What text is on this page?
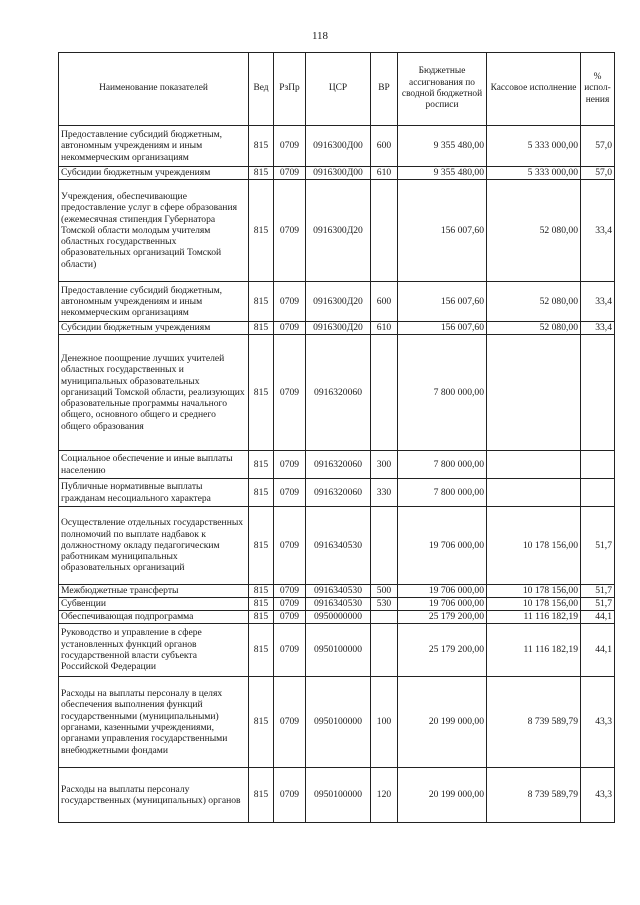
118
Наименование показателей	Вед	РзПр	ЦСР	ВР	Бюджетные ассигнования по сводной бюджетной росписи	Кассовое исполнение	% испол-нения
Предоставление субсидий бюджетным, автономным учреждениям и иным некоммерческим организациям	815	0709	0916300Д00	600	9 355 480,00	5 333 000,00	57,0
Субсидии бюджетным учреждениям	815	0709	0916300Д00	610	9 355 480,00	5 333 000,00	57,0
Учреждения, обеспечивающие предоставление услуг в сфере образования (ежемесячная стипендия Губернатора Томской области молодым учителям областных государственных образовательных организаций Томской области)	815	0709	0916300Д20		156 007,60	52 080,00	33,4
Предоставление субсидий бюджетным, автономным учреждениям и иным некоммерческим организациям	815	0709	0916300Д20	600	156 007,60	52 080,00	33,4
Субсидии бюджетным учреждениям	815	0709	0916300Д20	610	156 007,60	52 080,00	33,4
Денежное поощрение лучших учителей областных государственных и муниципальных образовательных организаций Томской области, реализующих образовательные программы начального общего, основного общего и среднего общего образования	815	0709	0916320060		7 800 000,00		
Социальное обеспечение и иные выплаты населению	815	0709	0916320060	300	7 800 000,00		
Публичные нормативные выплаты гражданам несоциального характера	815	0709	0916320060	330	7 800 000,00		
Осуществление отдельных государственных полномочий по выплате надбавок к должностному окладу педагогическим работникам муниципальных образовательных организаций	815	0709	0916340530		19 706 000,00	10 178 156,00	51,7
Межбюджетные трансферты	815	0709	0916340530	500	19 706 000,00	10 178 156,00	51,7
Субвенции	815	0709	0916340530	530	19 706 000,00	10 178 156,00	51,7
Обеспечивающая подпрограмма	815	0709	0950000000		25 179 200,00	11 116 182,19	44,1
Руководство и управление в сфере установленных функций органов государственной власти субъекта Российской Федерации	815	0709	0950100000		25 179 200,00	11 116 182,19	44,1
Расходы на выплаты персоналу в целях обеспечения выполнения функций государственными (муниципальными) органами, казенными учреждениями, органами управления государственными внебюджетными фондами	815	0709	0950100000	100	20 199 000,00	8 739 589,79	43,3
Расходы на выплаты персоналу государственных (муниципальных) органов	815	0709	0950100000	120	20 199 000,00	8 739 589,79	43,3
